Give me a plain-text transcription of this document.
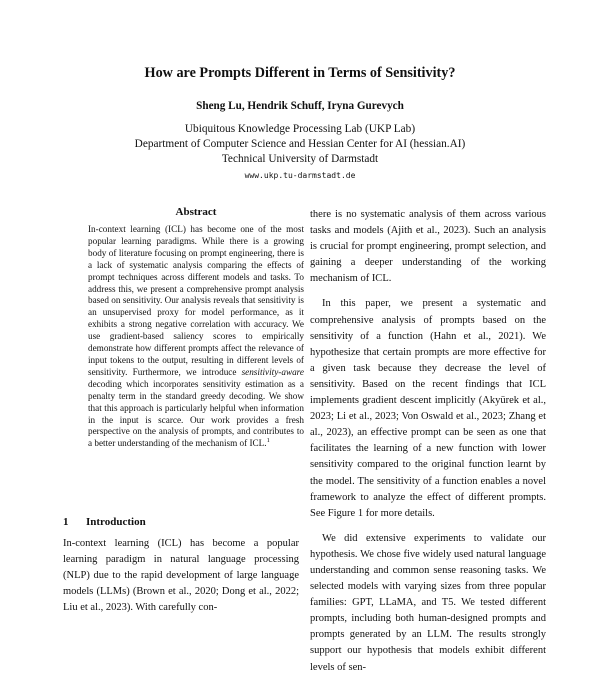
How are Prompts Different in Terms of Sensitivity?
Sheng Lu, Hendrik Schuff, Iryna Gurevych
Ubiquitous Knowledge Processing Lab (UKP Lab)
Department of Computer Science and Hessian Center for AI (hessian.AI)
Technical University of Darmstadt
www.ukp.tu-darmstadt.de
Abstract
In-context learning (ICL) has become one of the most popular learning paradigms. While there is a growing body of literature focusing on prompt engineering, there is a lack of systematic analysis comparing the effects of prompt techniques across different models and tasks. To address this, we present a comprehensive prompt analysis based on sensitivity. Our analysis reveals that sensitivity is an unsupervised proxy for model performance, as it exhibits a strong negative correlation with accuracy. We use gradient-based saliency scores to empirically demonstrate how different prompts affect the relevance of input tokens to the output, resulting in different levels of sensitivity. Furthermore, we introduce sensitivity-aware decoding which incorporates sensitivity estimation as a penalty term in the standard greedy decoding. We show that this approach is particularly helpful when information in the input is scarce. Our work provides a fresh perspective on the analysis of prompts, and contributes to a better understanding of the mechanism of ICL.$^1$
1 Introduction

In-context learning (ICL) has become a popular learning paradigm in natural language processing (NLP) due to the rapid development of large language models (LLMs) (Brown et al., 2020; Dong et al., 2022; Liu et al., 2023). With carefully con-

there is no systematic analysis of them across various tasks and models (Ajith et al., 2023). Such an analysis is crucial for prompt engineering, prompt selection, and gaining a deeper understanding of the working mechanism of ICL.

In this paper, we present a systematic and comprehensive analysis of prompts based on the sensitivity of a function (Hahn et al., 2021). We hypothesize that certain prompts are more effective for a given task because they decrease the level of sensitivity. Based on the recent findings that ICL implements gradient descent implicitly (Akyürek et al., 2023; Li et al., 2023; Von Oswald et al., 2023; Zhang et al., 2023), an effective prompt can be seen as one that facilitates the learning of a new function with lower sensitivity compared to the original function learnt by the model. The sensitivity of a function enables a novel framework to analyze the effect of different prompts. See Figure 1 for more details.

We did extensive experiments to validate our hypothesis. We chose five widely used natural language understanding and common sense reasoning tasks. We selected models with varying sizes from three popular families: GPT, LLaMA, and T5. We tested different prompts, including both human-designed prompts and prompts generated by an LLM. The results strongly support our hypothesis that models exhibit different levels of sen-
